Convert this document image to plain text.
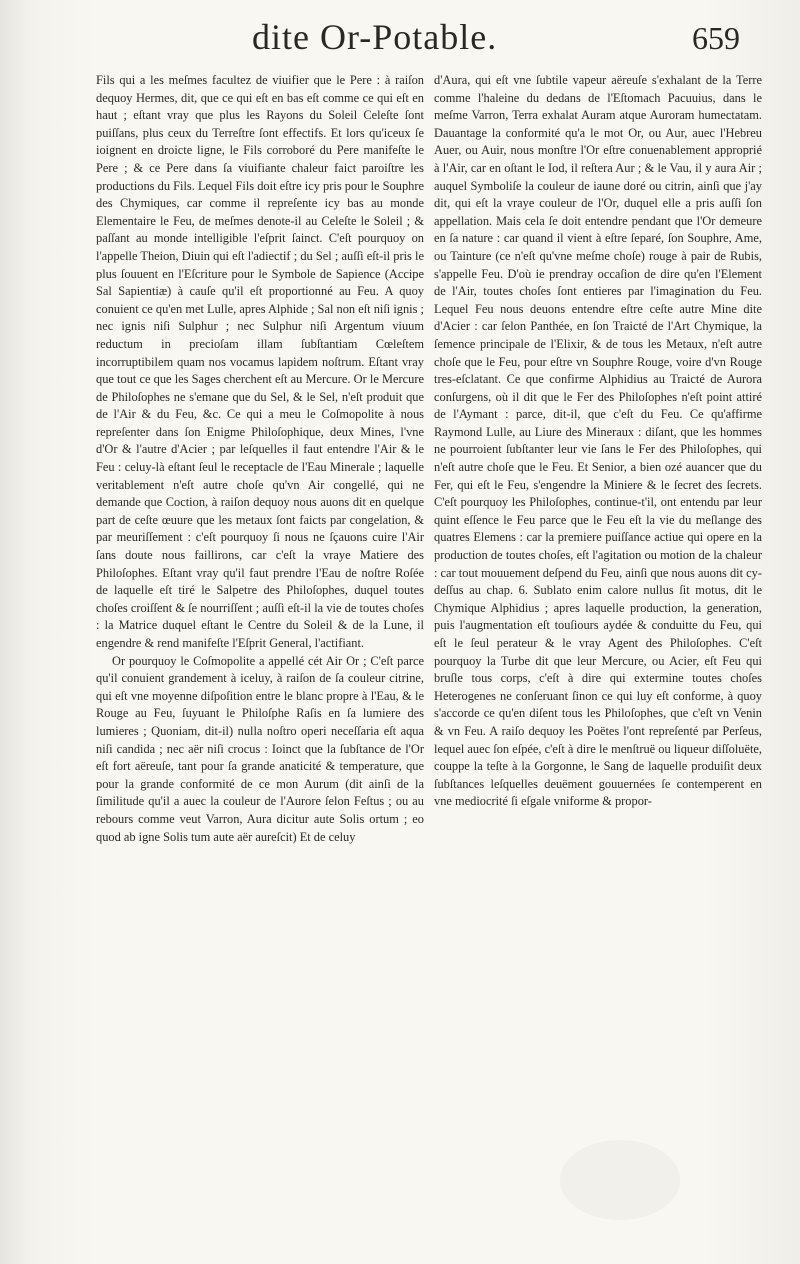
dite Or-Potable.	659

Fils qui a les meſmes facultez de viuifier que le Pere : à raiſon dequoy Hermes, dit, que ce qui eſt en bas eſt comme ce qui eſt en haut ; eſtant vray que plus les Rayons du Soleil Celeſte ſont puiſſans, plus ceux du Terreſtre ſont effectifs. Et lors qu'iceux ſe ioignent en droicte ligne, le Fils corroboré du Pere manifeſte le Pere ; & ce Pere dans ſa viuifiante chaleur faict paroiſtre les productions du Fils. Lequel Fils doit eſtre icy pris pour le Souphre des Chymiques, car comme il repreſente icy bas au monde Elementaire le Feu, de meſmes denote-il au Celeſte le Soleil ; & paſſant au monde intelligible l'eſprit ſainct. C'eſt pourquoy on l'appelle Theion, Diuin qui eſt l'adiectif ; du Sel ; auſſi eſt-il pris le plus ſouuent en l'Eſcriture pour le Symbole de Sapience (Accipe Sal Sapientiæ) à cauſe qu'il eſt proportionné au Feu. A quoy conuient ce qu'en met Lulle, apres Alphide ; Sal non eſt niſi ignis ; nec ignis niſi Sulphur ; nec Sulphur niſi Argentum viuum reductum in precioſam illam ſubſtantiam Cœleſtem incorruptibilem quam nos vocamus lapidem noſtrum. Eſtant vray que tout ce que les Sages cherchent eſt au Mercure. Or le Mercure de Philoſophes ne s'emane que du Sel, & le Sel, n'eſt produit que de l'Air & du Feu, &c. Ce qui a meu le Coſmopolite à nous repreſenter dans ſon Enigme Philoſophique, deux Mines, l'vne d'Or & l'autre d'Acier ; par leſquelles il faut entendre l'Air & le Feu : celuy-là eſtant ſeul le receptacle de l'Eau Minerale ; laquelle veritablement n'eſt autre choſe qu'vn Air congellé, qui ne demande que Coction, à raiſon dequoy nous auons dit en quelque part de ceſte œuure que les metaux ſont faicts par congelation, & par meuriſſement : c'eſt pourquoy ſi nous ne ſçauons cuire l'Air ſans doute nous faillirons, car c'eſt la vraye Matiere des Philoſophes. Eſtant vray qu'il faut prendre l'Eau de noſtre Roſée de laquelle eſt tiré le Salpetre des Philoſophes, duquel toutes choſes croiſſent & ſe nourriſſent ; auſſi eſt-il la vie de toutes choſes : la Matrice duquel eſtant le Centre du Soleil & de la Lune, il engendre & rend manifeſte l'Eſprit General, l'actifiant.

Or pourquoy le Coſmopolite a appellé cét Air Or ; C'eſt parce qu'il conuient grandement à iceluy, à raiſon de ſa couleur citrine, qui eſt vne moyenne diſpoſition entre le blanc propre à l'Eau, & le Rouge au Feu, ſuyuant le Philoſphe Raſis en ſa lumiere des lumieres ; Quoniam, dit-il) nulla noſtro operi neceſſaria eſt aqua niſi candida ; nec aër niſi crocus : Ioinct que la ſubſtance de l'Or eſt fort aëreuſe, tant pour ſa grande anaticité & temperature, que pour la grande conformité de ce mon Aurum (dit ainſi de la ſimilitude qu'il a auec la couleur de l'Aurore ſelon Feſtus ; ou au rebours comme veut Varron, Aura dicitur aute Solis ortum ; eo quod ab igne Solis tum aute aër aureſcit) Et de celuy

d'Aura, qui eſt vne ſubtile vapeur aëreuſe s'exhalant de la Terre comme l'haleine du dedans de l'Eſtomach Pacuuius, dans le meſme Varron, Terra exhalat Auram atque Auroram humectatam. Dauantage la conformité qu'a le mot Or, ou Aur, auec l'Hebreu Auer, ou Auir, nous monſtre l'Or eſtre conuenablement approprié à l'Air, car en oſtant le Iod, il reſtera Aur ; & le Vau, il y aura Air ; auquel Symboliſe la couleur de iaune doré ou citrin, ainſi que j'ay dit, qui eſt la vraye couleur de l'Or, duquel elle a pris auſſi ſon appellation. Mais cela ſe doit entendre pendant que l'Or demeure en ſa nature : car quand il vient à eſtre ſeparé, ſon Souphre, Ame, ou Tainture (ce n'eſt qu'vne meſme choſe) rouge à pair de Rubis, s'appelle Feu. D'où ie prendray occaſion de dire qu'en l'Element de l'Air, toutes choſes ſont entieres par l'imagination du Feu. Lequel Feu nous deuons entendre eſtre ceſte autre Mine dite d'Acier : car ſelon Panthée, en ſon Traicté de l'Art Chymique, la ſemence principale de l'Elixir, & de tous les Metaux, n'eſt autre choſe que le Feu, pour eſtre vn Souphre Rouge, voire d'vn Rouge tres-eſclatant. Ce que confirme Alphidius au Traicté de Aurora conſurgens, où il dit que le Fer des Philoſophes n'eſt point attiré de l'Aymant : parce, dit-il, que c'eſt du Feu. Ce qu'affirme Raymond Lulle, au Liure des Mineraux : diſant, que les hommes ne pourroient ſubſtanter leur vie ſans le Fer des Philoſophes, qui n'eſt autre choſe que le Feu. Et Senior, a bien ozé auancer que du Fer, qui eſt le Feu, s'engendre la Miniere & le ſecret des ſecrets. C'eſt pourquoy les Philoſophes, continue-t'il, ont entendu par leur quint eſſence le Feu parce que le Feu eſt la vie du meſlange des quatres Elemens : car la premiere puiſſance actiue qui opere en la production de toutes choſes, eſt l'agitation ou motion de la chaleur : car tout mouuement deſpend du Feu, ainſi que nous auons dit cy-deſſus au chap. 6. Sublato enim calore nullus ſit motus, dit le Chymique Alphidius ; apres laquelle production, la generation, puis l'augmentation eſt touſiours aydée & conduitte du Feu, qui eſt le ſeul perateur & le vray Agent des Philoſophes. C'eſt pourquoy la Turbe dit que leur Mercure, ou Acier, eſt Feu qui bruſle tous corps, c'eſt à dire qui extermine toutes choſes Heterogenes ne conſeruant ſinon ce qui luy eſt conforme, à quoy s'accorde ce qu'en diſent tous les Philoſophes, que c'eſt vn Venin & vn Feu. A raiſo dequoy les Poëtes l'ont repreſenté par Perſeus, lequel auec ſon eſpée, c'eſt à dire le menſtruë ou liqueur diſſoluëte, couppe la teſte à la Gorgonne, le Sang de laquelle produiſit deux ſubſtances leſquelles deuëment gouuernées ſe contemperent en vne mediocrité ſi eſgale vniforme & propor-
